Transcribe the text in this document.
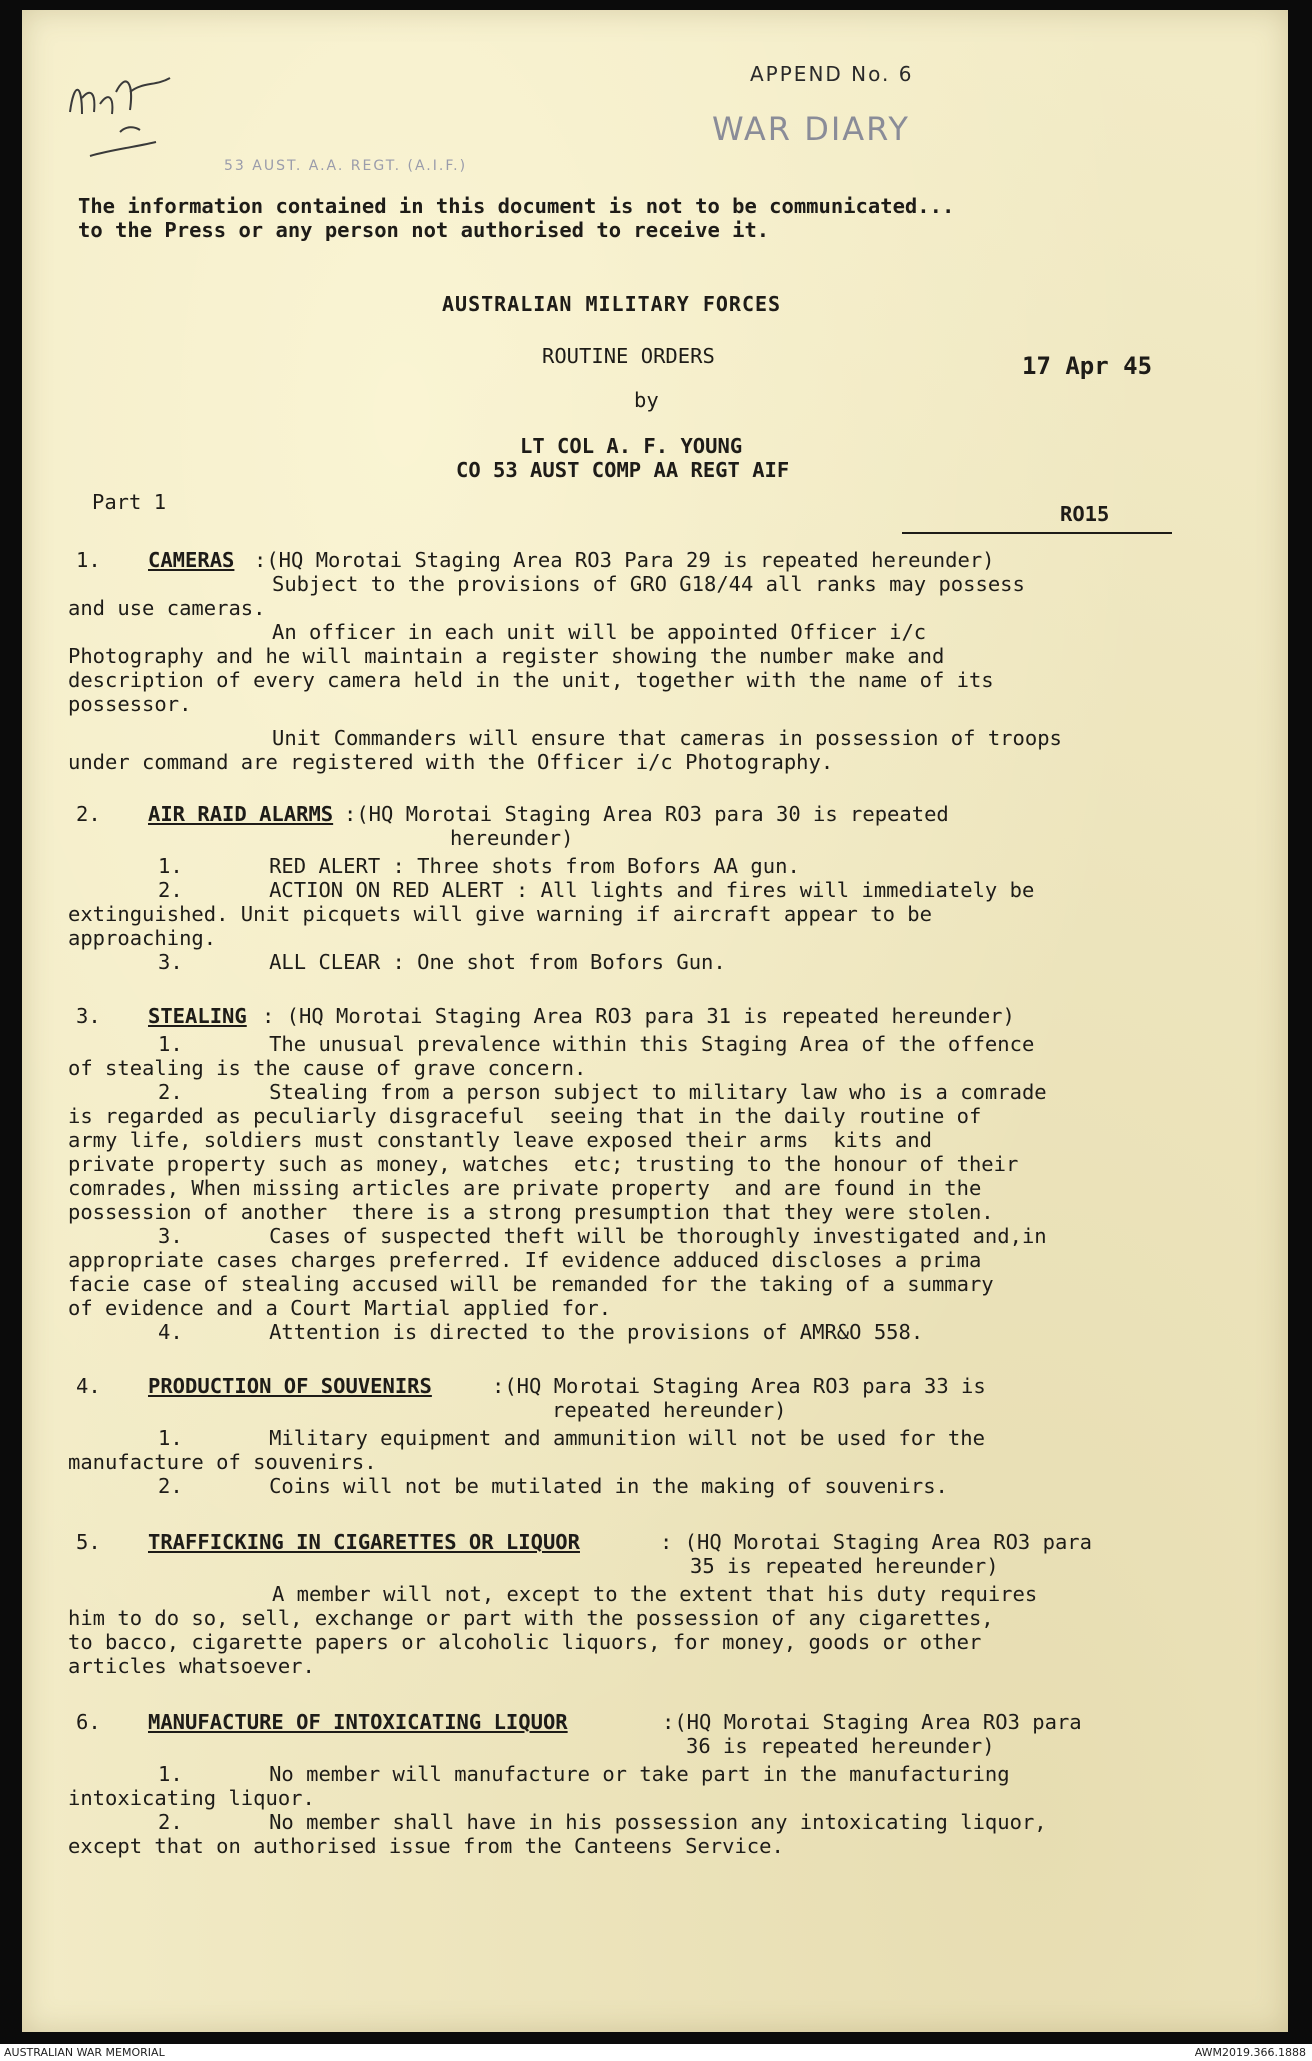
APPEND No. 6
WAR DIARY
53 AUST. A.A. REGT. (A.I.F.)
The information contained in this document is not to be communicated...
to the Press or any person not authorised to receive it.
AUSTRALIAN MILITARY FORCES
ROUTINE ORDERS	17 Apr 45
by
LT COL A. F. YOUNG
CO 53 AUST COMP AA REGT AIF
Part 1	RO15
1. CAMERAS :(HQ Morotai Staging Area RO3 Para 29 is repeated hereunder)
Subject to the provisions of GRO G18/44 all ranks may possess
and use cameras.
An officer in each unit will be appointed Officer i/c
Photography and he will maintain a register showing the number make and
description of every camera held in the unit, together with the name of its
possessor.
Unit Commanders will ensure that cameras in possession of troops
under command are registered with the Officer i/c Photography.
2. AIR RAID ALARMS :(HQ Morotai Staging Area RO3 para 30 is repeated
hereunder)
1.       RED ALERT : Three shots from Bofors AA gun.
2.       ACTION ON RED ALERT : All lights and fires will immediately be
extinguished. Unit picquets will give warning if aircraft appear to be
approaching.
3.       ALL CLEAR : One shot from Bofors Gun.
3. STEALING : (HQ Morotai Staging Area RO3 para 31 is repeated hereunder)
1.       The unusual prevalence within this Staging Area of the offence
of stealing is the cause of grave concern.
2.       Stealing from a person subject to military law who is a comrade
is regarded as peculiarly disgraceful  seeing that in the daily routine of
army life, soldiers must constantly leave exposed their arms  kits and
private property such as money, watches  etc; trusting to the honour of their
comrades, When missing articles are private property  and are found in the
possession of another  there is a strong presumption that they were stolen.
3.       Cases of suspected theft will be thoroughly investigated and,in
appropriate cases charges preferred. If evidence adduced discloses a prima
facie case of stealing accused will be remanded for the taking of a summary
of evidence and a Court Martial applied for.
4.       Attention is directed to the provisions of AMR&O 558.
4. PRODUCTION OF SOUVENIRS	:(HQ Morotai Staging Area RO3 para 33 is
repeated hereunder)
1.       Military equipment and ammunition will not be used for the
manufacture of souvenirs.
2.       Coins will not be mutilated in the making of souvenirs.
5. TRAFFICKING IN CIGARETTES OR LIQUOR	: (HQ Morotai Staging Area RO3 para
35 is repeated hereunder)
A member will not, except to the extent that his duty requires
him to do so, sell, exchange or part with the possession of any cigarettes,
to bacco, cigarette papers or alcoholic liquors, for money, goods or other
articles whatsoever.
6. MANUFACTURE OF INTOXICATING LIQUOR	:(HQ Morotai Staging Area RO3 para
36 is repeated hereunder)
1.       No member will manufacture or take part in the manufacturing
intoxicating liquor.
2.       No member shall have in his possession any intoxicating liquor,
except that on authorised issue from the Canteens Service.
AUSTRALIAN WAR MEMORIAL	AWM2019.366.1888
